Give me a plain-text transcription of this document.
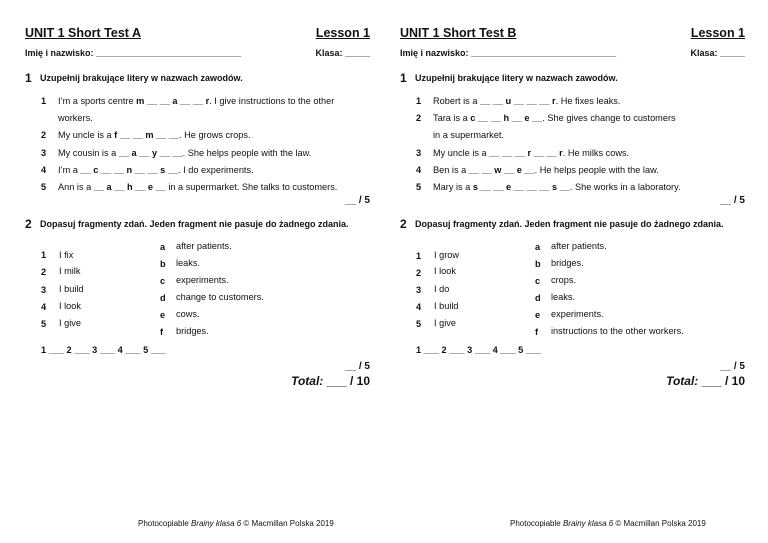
UNIT 1 Short Test A	Lesson 1
Imię i nazwisko: _____________________________	Klasa: _____
1 Uzupełnij brakujące litery w nazwach zawodów.
1 I’m a sports centre m __ __ a __ __ r. I give instructions to the other
workers.
2 My uncle is a f __ __ m __ __. He grows crops.
3 My cousin is a __ a __ y __ __. She helps people with the law.
4 I’m a __ c __ __ n __ __ s __. I do experiments.
5 Ann is a __ a __ h __ e __ in a supermarket. She talks to customers.
__ / 5
2 Dopasuj fragmenty zdań. Jeden fragment nie pasuje do żadnego zdania.
1 I fix
2 I milk
3 I build
4 I look
5 I give
a after patients.
b leaks.
c experiments.
d change to customers.
e cows.
f bridges.
1 ___ 2 ___ 3 ___ 4 ___ 5 ___
__ / 5
Total: ___ / 10
Photocopiable Brainy klasa 6 © Macmillan Polska 2019
UNIT 1 Short Test B	Lesson 1
Imię i nazwisko: _____________________________	Klasa: _____
1 Uzupełnij brakujące litery w nazwach zawodów.
1 Robert is a __ __ u __ __ __ r. He fixes leaks.
2 Tara is a c __ __ h __ e __. She gives change to customers
in a supermarket.
3 My uncle is a __ __ __ r __ __ r. He milks cows.
4 Ben is a __ __ w __ e __. He helps people with the law.
5 Mary is a s __ __ e __ __ __ s __. She works in a laboratory.
__ / 5
2 Dopasuj fragmenty zdań. Jeden fragment nie pasuje do żadnego zdania.
1 I grow
2 I look
3 I do
4 I build
5 I give
a after patients.
b bridges.
c crops.
d leaks.
e experiments.
f instructions to the other workers.
1 ___ 2 ___ 3 ___ 4 ___ 5 ___
__ / 5
Total: ___ / 10
Photocopiable Brainy klasa 6 © Macmillan Polska 2019
